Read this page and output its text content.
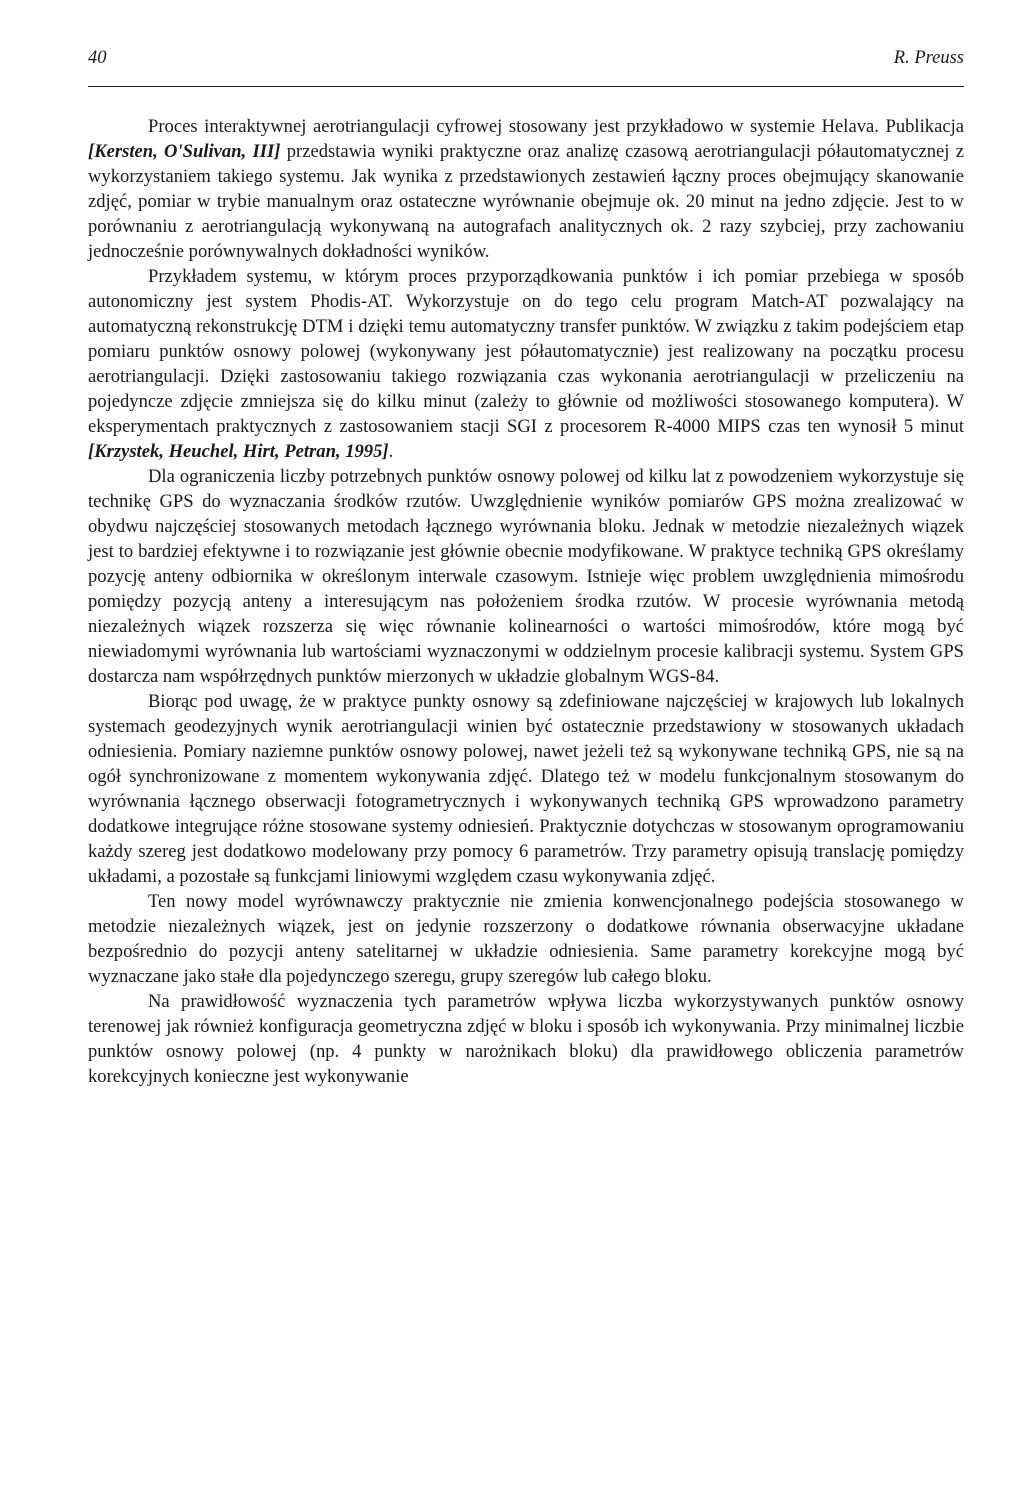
40	R. Preuss

Proces interaktywnej aerotriangulacji cyfrowej stosowany jest przykładowo w systemie Helava. Publikacja [Kersten, O'Sulivan, III] przedstawia wyniki praktyczne oraz analizę czasową aerotriangulacji półautomatycznej z wykorzystaniem takiego systemu. Jak wynika z przedstawionych zestawień łączny proces obejmujący skanowanie zdjęć, pomiar w trybie manualnym oraz ostateczne wyrównanie obejmuje ok. 20 minut na jedno zdjęcie. Jest to w porównaniu z aerotriangulacją wykonywaną na autografach analitycznych ok. 2 razy szybciej, przy zachowaniu jednocześnie porównywalnych dokładności wyników.

Przykładem systemu, w którym proces przyporządkowania punktów i ich pomiar przebiega w sposób autonomiczny jest system Phodis-AT. Wykorzystuje on do tego celu program Match-AT pozwalający na automatyczną rekonstrukcję DTM i dzięki temu automatyczny transfer punktów. W związku z takim podejściem etap pomiaru punktów osnowy polowej (wykonywany jest półautomatycznie) jest realizowany na początku procesu aerotriangulacji. Dzięki zastosowaniu takiego rozwiązania czas wykonania aerotriangulacji w przeliczeniu na pojedyncze zdjęcie zmniejsza się do kilku minut (zależy to głównie od możliwości stosowanego komputera). W eksperymentach praktycznych z zastosowaniem stacji SGI z procesorem R-4000 MIPS czas ten wynosił 5 minut [Krzystek, Heuchel, Hirt, Petran, 1995].

Dla ograniczenia liczby potrzebnych punktów osnowy polowej od kilku lat z powodzeniem wykorzystuje się technikę GPS do wyznaczania środków rzutów. Uwzględnienie wyników pomiarów GPS można zrealizować w obydwu najczęściej stosowanych metodach łącznego wyrównania bloku. Jednak w metodzie niezależnych wiązek jest to bardziej efektywne i to rozwiązanie jest głównie obecnie modyfikowane. W praktyce techniką GPS określamy pozycję anteny odbiornika w określonym interwale czasowym. Istnieje więc problem uwzględnienia mimośrodu pomiędzy pozycją anteny a interesującym nas położeniem środka rzutów. W procesie wyrównania metodą niezależnych wiązek rozszerza się więc równanie kolinearności o wartości mimośrodów, które mogą być niewiadomymi wyrównania lub wartościami wyznaczonymi w oddzielnym procesie kalibracji systemu. System GPS dostarcza nam współrzędnych punktów mierzonych w układzie globalnym WGS-84.

Biorąc pod uwagę, że w praktyce punkty osnowy są zdefiniowane najczęściej w krajowych lub lokalnych systemach geodezyjnych wynik aerotriangulacji winien być ostatecznie przedstawiony w stosowanych układach odniesienia. Pomiary naziemne punktów osnowy polowej, nawet jeżeli też są wykonywane techniką GPS, nie są na ogół synchronizowane z momentem wykonywania zdjęć. Dlatego też w modelu funkcjonalnym stosowanym do wyrównania łącznego obserwacji fotogrametrycznych i wykonywanych techniką GPS wprowadzono parametry dodatkowe integrujące różne stosowane systemy odniesień. Praktycznie dotychczas w stosowanym oprogramowaniu każdy szereg jest dodatkowo modelowany przy pomocy 6 parametrów. Trzy parametry opisują translację pomiędzy układami, a pozostałe są funkcjami liniowymi względem czasu wykonywania zdjęć.

Ten nowy model wyrównawczy praktycznie nie zmienia konwencjonalnego podejścia stosowanego w metodzie niezależnych wiązek, jest on jedynie rozszerzony o dodatkowe równania obserwacyjne układane bezpośrednio do pozycji anteny satelitarnej w układzie odniesienia. Same parametry korekcyjne mogą być wyznaczane jako stałe dla pojedynczego szeregu, grupy szeregów lub całego bloku.

Na prawidłowość wyznaczenia tych parametrów wpływa liczba wykorzystywanych punktów osnowy terenowej jak również konfiguracja geometryczna zdjęć w bloku i sposób ich wykonywania. Przy minimalnej liczbie punktów osnowy polowej (np. 4 punkty w narożnikach bloku) dla prawidłowego obliczenia parametrów korekcyjnych konieczne jest wykonywanie
